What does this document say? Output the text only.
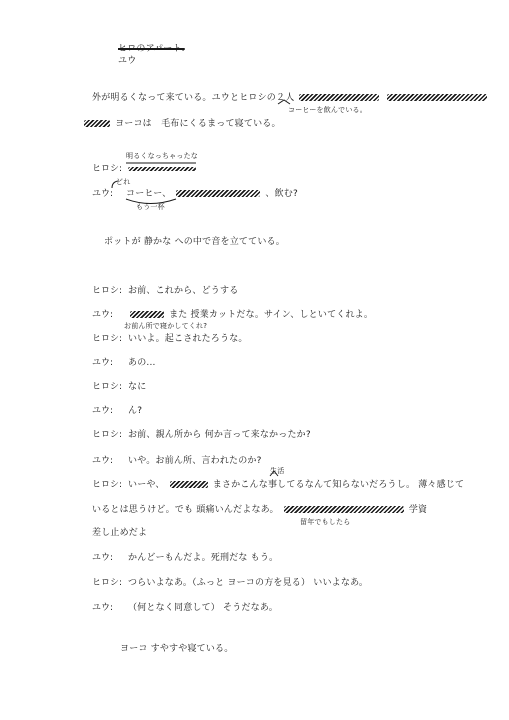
ヒロのアパート.
ユウ
外が明るくなって来ている。ユウとヒロシの２人
コーヒーを飲んでいる。
ヨーコは　毛布にくるまって寝ている。
明るくなっちゃったな
ヒロシ:
どれ
ユウ: コーヒー、	、飲む?
もう一杯
ポットが 静かな への中で音を立てている。
ヒロシ: お前、これから、どうする
お前ん所で寝かしてくれ?
ユウ:	また 授業カットだな。サイン、しといてくれよ。
ヒロシ: いいよ。起こされたろうな。
ユウ: あの...
ヒロシ: なに
ユウ: ん?
ヒロシ: お前、親ん所から 何か言って来なかったか?
ユウ: いや。お前ん所、言われたのか?
生活
ヒロシ: いーや、	まさかこんな事してるなんて知らないだろうし。 薄々感じて
いるとは思うけど。でも 頭痛いんだよなあ。	学資
留年でもしたら
差し止めだよ
ユウ: かんどーもんだよ。死刑だな もう。
ヒロシ: つらいよなあ。（ふっと ヨーコの方を見る） いいよなあ。
ユウ: （何となく同意して） そうだなあ。
ヨーコ すやすや寝ている。
